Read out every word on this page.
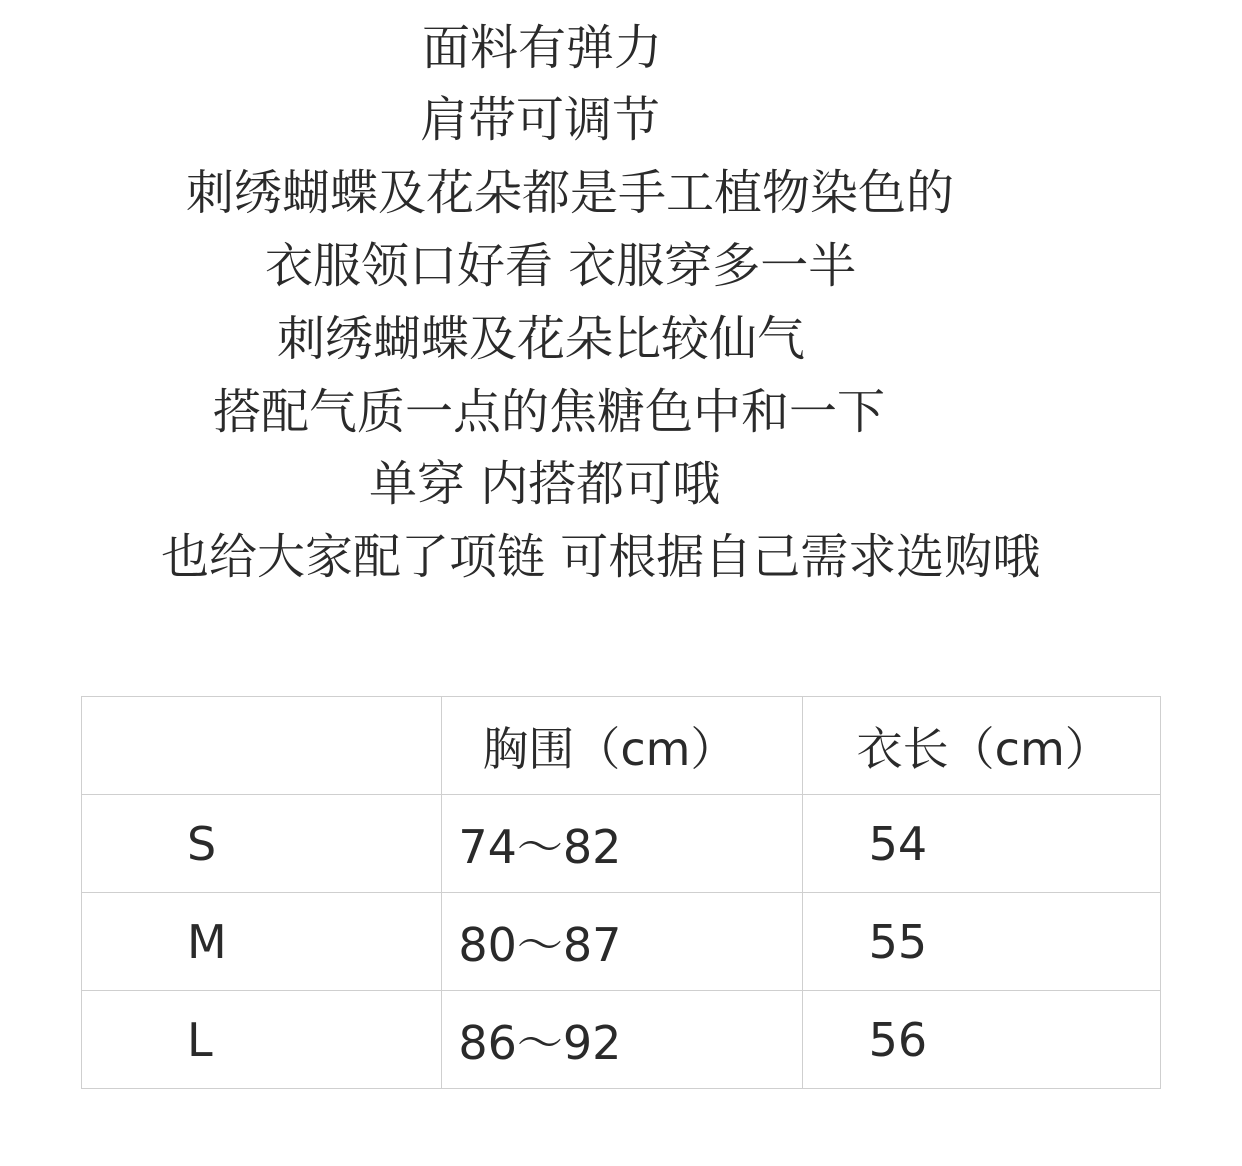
面料有弹力
肩带可调节
刺绣蝴蝶及花朵都是手工植物染色的
衣服领口好看 衣服穿多一半
刺绣蝴蝶及花朵比较仙气
搭配气质一点的焦糖色中和一下
单穿 内搭都可哦
也给大家配了项链 可根据自己需求选购哦
	胸围（cm）	衣长（cm）
S	74～82	54
M	80～87	55
L	86～92	56
